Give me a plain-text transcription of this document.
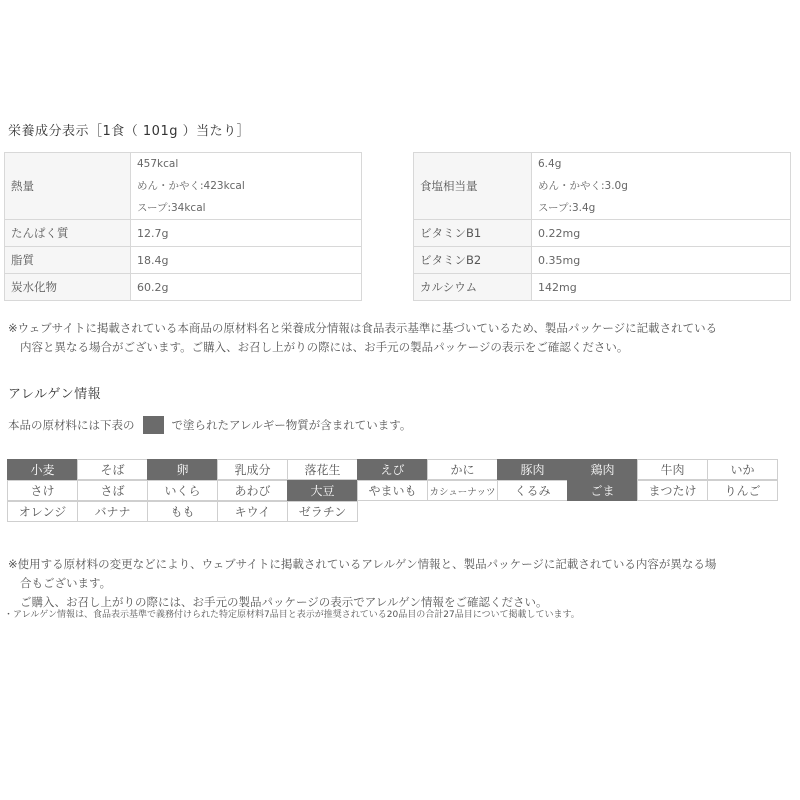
栄養成分表示［1食（ 101g ）当たり］
熱量	457kcal
めん・かやく:423kcal
スープ:34kcal

たんぱく質	12.7g
脂質	18.4g
炭水化物	60.2g
食塩相当量	6.4g
めん・かやく:3.0g
スープ:3.4g

ビタミンB1	0.22mg
ビタミンB2	0.35mg
カルシウム	142mg
※ウェブサイトに掲載されている本商品の原材料名と栄養成分情報は食品表示基準に基づいているため、製品パッケージに記載されている
内容と異なる場合がございます。ご購入、お召し上がりの際には、お手元の製品パッケージの表示をご確認ください。
アレルゲン情報
本品の原材料には下表の	で塗られたアレルギー物質が含まれています。
小麦	そば	卵	乳成分	落花生	えび	かに	豚肉	鶏肉	牛肉	いか
さけ	さば	いくら	あわび	大豆	やまいも	カシューナッツ	くるみ	ごま	まつたけ	りんご
オレンジ	バナナ	もも	キウイ	ゼラチン
※使用する原材料の変更などにより、ウェブサイトに掲載されているアレルゲン情報と、製品パッケージに記載されている内容が異なる場
合もございます。
ご購入、お召し上がりの際には、お手元の製品パッケージの表示でアレルゲン情報をご確認ください。
・アレルゲン情報は、食品表示基準で義務付けられた特定原材料7品目と表示が推奨されている20品目の合計27品目について掲載しています。
